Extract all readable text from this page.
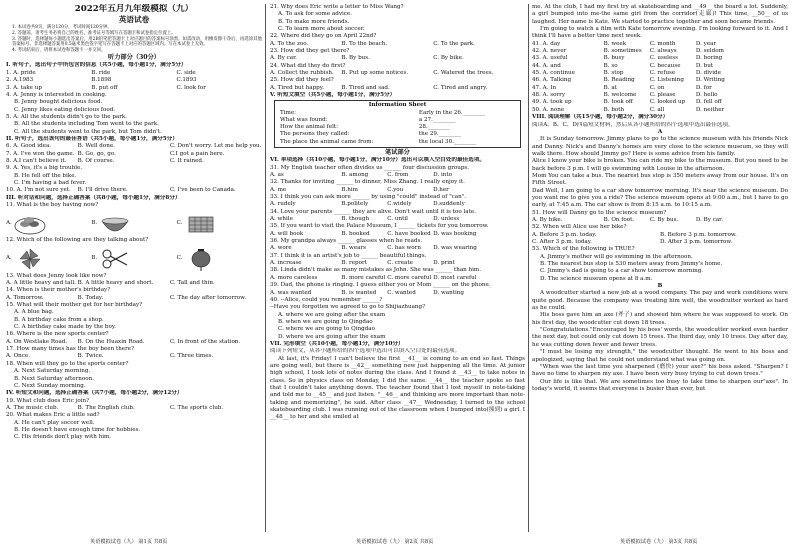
2022年五月九年级模拟（九）
英语试卷
1. 本试卷共8页，满分120分，考试时间120分钟。
2. 答题前，请考生务必将自己的姓名、准考证号等填写在答题卡和试卷指定位置上。
3. 答题时，选择题每小题选出答案后，用2B铅笔把答题卡上对应题目的答案标号涂黑。如需改动，用橡皮擦干净后，再选涂其他答案标号。非选择题答案用0.5毫米黑色签字笔写在答题卡上对应的答题区域内。写在本试卷上无效。
4. 考试结束后，请将本试卷和答题卡一并交回。
听力部分（30分）
I. 听句子，选出句子中所包含的信息（共5小题，每小题1分，满分5分）
1. A. pride	B. ride	C. side
2. A.1983	B.1898	C.1893
3. A. take up	B. put off	C. look for
4. A. Jenny is interested in cooking.
B. Jenny bought delicious food.
C. Jenny likes eating delicious food.
5. A. All the students didn't go to the park.
B. All the students including Tom went to the park.
C. All the students went to the park, but Tom didn't.
II. 听句子，选出该句的最佳答语（共5小题，每小题1分，满分5分）
6. A. Good idea.	B. Well done.	C. Don't worry. Let me help you.
7. A. I've won the game. B. Go, go, go.	C.I got a pain here.
8. A.I can't believe it.	B. Of course.	C. It rained.
9. A. Yes, it's a big trouble.
B. He fell off the bike.
C. I'm having a bad fever.
10. A. I'm not sure yet.	B. I'll drive there.	C. I've been to Canada.
III. 听对话和问题，选择正确答案（共8小题，每小题1分，满分8分）
11. What is the boy having now?
A.	B.	C.
12. Which of the following are they talking about?
A.	B.	C.
13. What does Jenny look like now?
A. A little heavy and tall. B. A little heavy and short.	C. Tall and thin.
14. When is their mother's birthday?
A. Tomorrow.	B. Today.	C. The day after tomorrow.
15. What will their mother get for her birthday?
A. A blue bag.
B. A birthday cake from a shop.
C. A birthday cake made by the boy.
16. Where is the new sports center?
A. On Westlake Road.	B. On the Huaxin Road.	C. In front of the station.
17. How many times has the boy been there?
A. Once.	B. Twice.	C. Three times.
18. When will they go to the sports center?
A. Next Saturday morning.
B. Next Saturday afternoon.
C. Next Sunday morning.
IV. 听短文和问题，选择正确答案（共7小题，每小题2分，满分12分）
19. What club does Eric join?
A. The music club.	B. The English club.	C. The sports club.
20. What makes Eric a little sad?
A. He can't play soccer well.
B. He doesn't have enough time for hobbies.
C. His friends don't play with him.
21. Why does Eric write a letter to Miss Wang?
A. To ask for some advice.
B. To make more friends.
C. To learn more about soccer.
22. Where did they go on April 22nd?
A. To the zoo.	B. To the beach.	C. To the park.
23. How did they get there?
A. By car.	B. By bus.	C. By bike.
24. What did they do first?
A. Collect the rubbish.	B. Put up some notices.	C. Watered the trees.
25. How did they feel?
A. Tired but happy.	B. Tired and sad.	C. Tired and angry.
V. 听短文填空（共5小题，每小题1分，满分5分）
Information Sheet
Time:	Early in the 26.________
What was found:	a 27.________
How the animal felt:	28.________
The persons they called:	the 29.________
The place the animal came from:	the local 30.________
笔试部分
VI. 单项选择（共10小题，每小题1分，满分10分）选出可以填入空白处的最佳选项。
31. My English teacher often divides us ______ four discussion groups.
A. as	B. among	C. from	D. into
32. Thanks for inviting ______ to dinner, Miss Zhang. I really enjoy it.
A. me	B.him	C.you	D.her
33. I think you can ask more ______ by using "could" instead of "can".
A. rudely	B.politely	C.widely	D.suddenly
34. Love your parents ______ they are alive. Don't wait until it is too late.
A. while	B. though	C. until	D. unless
35. If you want to visit the Palace Museum, I ______ tickets for you tomorrow.
A. will book	B. booked	C. have booked D. was booking
36. My grandpa always ______ glasses when he reads.
A. wore	B. wears	C. has worn	D. was wearing
37. I think it is an artist's job to ______ beautiful things.
A. increase	B. report	C. create	D. print
38. Linda didn't make as many mistakes as John. She was ______ than him.
A. more careless	B. more careful C. more careful D. most careful
39. Dad, the phone is ringing. I guess either you or Mom ______ on the phone.
A. was wanted	B. is wanted	C. wanted	D. wanting
40. --Alice, could you remember ______?
--Have you forgotten we agreed to go to Shijiazhuang?
A. where we are going after the exam
B. when we are going to Qingdao
C. where we are going to Qingdao
D. where we are going after the exam
VII. 完形填空（共10小题，每小题1分，满分10分）
阅读下列短文，从各小题所给的四个选项中选出可以填入空白处的最佳选项。
At last, it's Friday! I can't believe the first __41__ is coming to an end so fast. Things are going well, but there is __42__ something new just happening all the time. At junior high school, I took lots of notes during the class. And I found it __43__ to take notes in class. So in physics class on Monday, I did the same. __44__ the teacher spoke so fast that I couldn't take anything down. The teacher found that I lost myself in note-taking and told me to __45__ and just listen. "__46__ and thinking are more important than note-taking and memorizing", he said. After class __47__ Wednesday, I turned to the school skateboarding club. I was running out of the classroom when I bumped into(撞到) a girl. I __48__ to her and she smiled at
me. At the club, I had my first try at skateboarding and __49__ the board a lot. Suddenly, a girl bumped into me-the same girl from the corridor(走廊)! This time, __50__ of us laughed. Her name is Kate. We started to practice together and soon became friends.
I'm going to watch a film with Kate tomorrow evening. I'm looking forward to it. And I think I'll have a better time next week.
41. A. day	B. week	C. month	D. year
42. A. never	B. sometimes	C. always	D. seldom
43. A. useful	B. busy	C. useless	D. boring
44. A. and	B. so	C. because	D. but
45. A. continue	B. stop	C. refuse	D. divide
46. A. Talking	B. Reading	C. Listening	D. Writing
47. A. In	B. at	C. on	D. for
48. A. sorry	B. welcome	C. please	D. hello
49. A. took up	B. took off	C. looked up	D. fell off
50. A. none	B. both	C. all	D. neither
VIII. 阅读理解（共15小题，每小题2分，满分30分）
阅读A、B、C、D四篇短文材料，然后从各小题所给的四个选项中选出最佳选项。
A
It is Sunday tomorrow. Jimmy plans to go to the science museum with his friends Nick and Danny. Nick's and Danny's homes are very close to the science museum, so they will walk there. How should Jimmy go? Here is some advice from his family.
Alice I know your bike is broken. You can ride my bike to the museum. But you need to be back before 3 p.m. I will go swimming with Louise in the afternoon.
Mom You can take a bus. The nearest bus stop is 350 meters away from our house. It's on Fifth Street.
Dad Well, I am going to a car show tomorrow morning. It's near the science museum. Do you want me to give you a ride? The science museum opens at 9:00 a.m., but I have to go early, at 7:45 a.m. The car show is from 8:15 a.m. to 10:15 a.m.
51. How will Danny go to the science museum?
A. By bike.	B. On foot.	C. By bus.	D. By car.
52. When will Alice use her bike?
A. Before 3 p.m. today.	B. Before 3 p.m. tomorrow.
C. After 3 p.m. today.	D. After 3 p.m. tomorrow.
53. Which of the following is TRUE?
A. Jimmy's mother will go swimming in the afternoon.
B. The nearest bus stop is 530 meters away from Jimmy's home.
C. Jimmy's dad is going to a car show tomorrow morning.
D. The science museum opens at 8 a.m.
B
A woodcutter started a new job at a wood company. The pay and work conditions were quite good. Because the company was treating him well, the woodcutter worked as hard as he could.
His boss gave him an axe (斧子) and showed him where he was supposed to work. On his first day, the woodcutter cut down 18 trees.
"Congratulations."Encouraged by his boss' words, the woodcutter worked even harder the next day, but could only cut down 15 trees. The third day, only 10 trees. Day after day, he was cutting down fewer and fewer trees.
"I must be losing my strength," the woodcutter thought. He went to his boss and apologized, saying that he could not understand what was going on.
"When was the last time you sharpened (磨快) your axe?" his boss asked. "Sharpen? I have no time to sharpen my axe. I have been very busy trying to cut down trees."
Our life is like that. We are sometimes too busy to take time to sharpen our"axe". In today's world, it seems that everyone is busier than ever, but
英语模拟试卷（九） 第1页 共8页	英语模拟试卷（九） 第2页 共8页	英语模拟试卷（九） 第3页 共8页
